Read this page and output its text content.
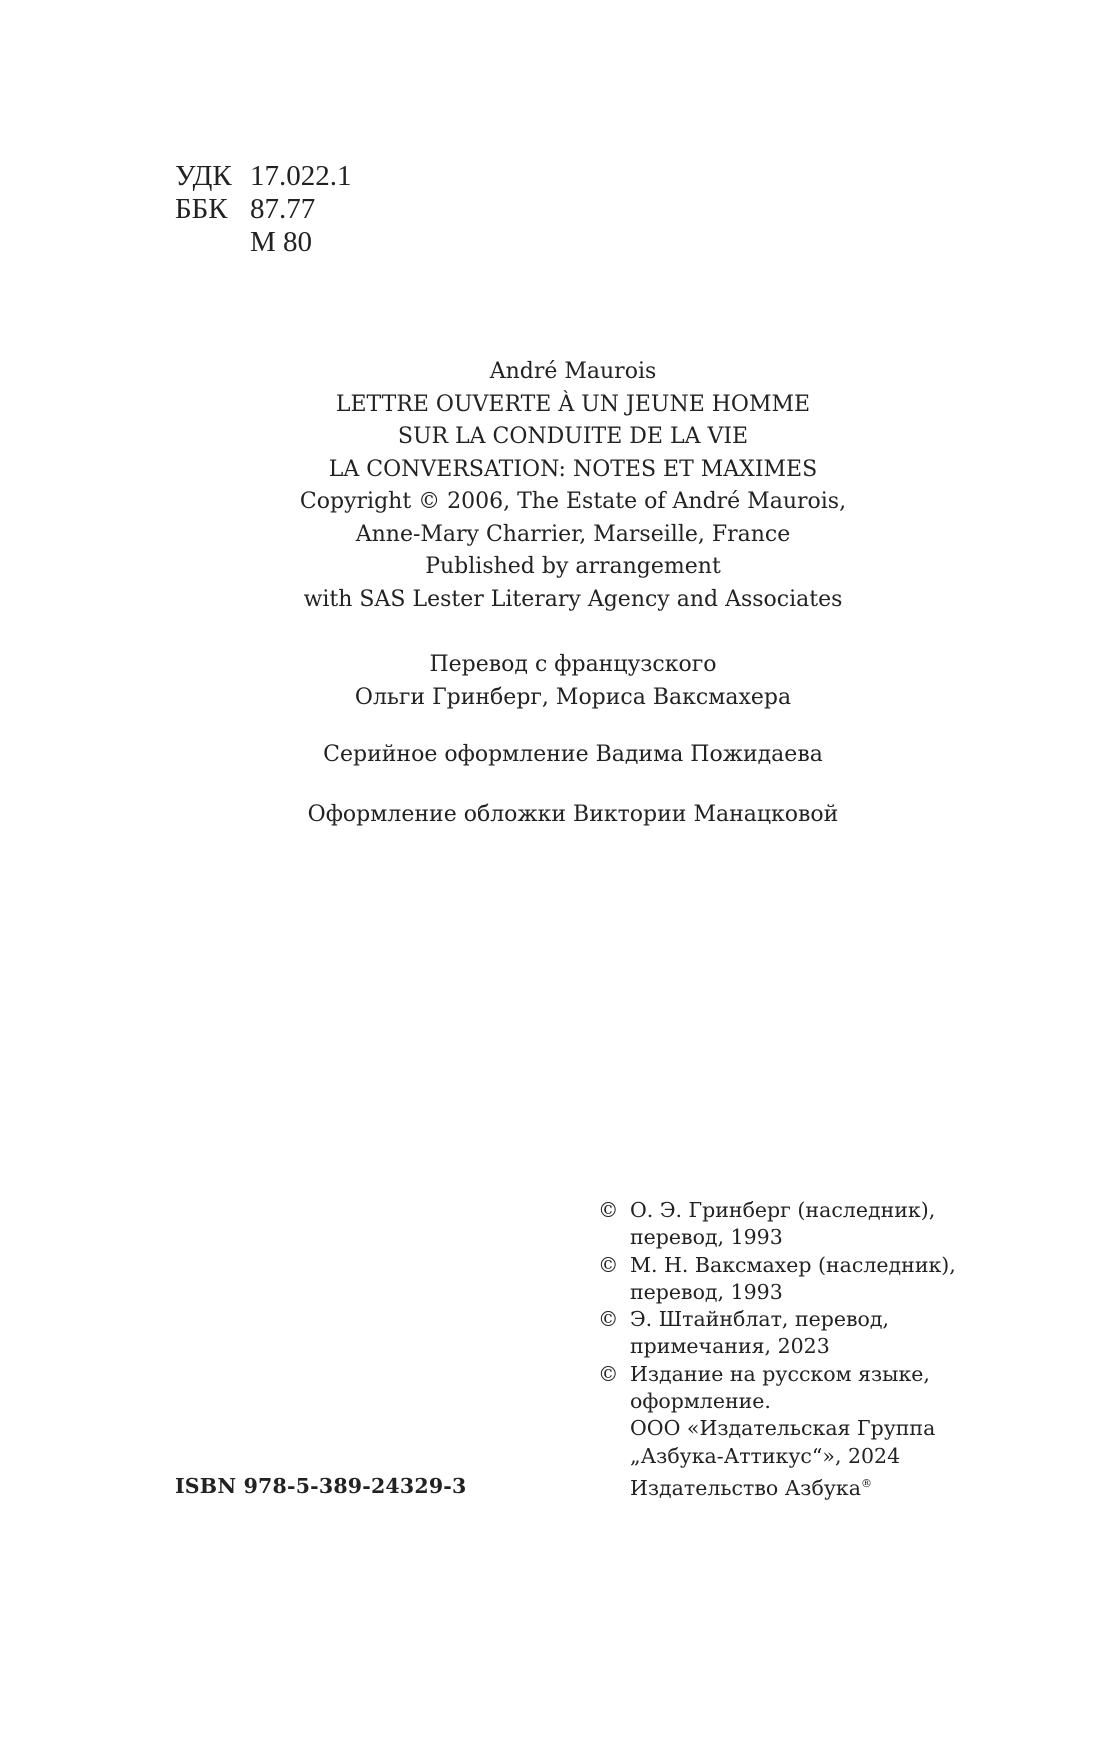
УДК 17.022.1
ББК 87.77
М 80
André Maurois
LETTRE OUVERTE À UN JEUNE HOMME
SUR LA CONDUITE DE LA VIE
LA CONVERSATION: NOTES ET MAXIMES
Copyright © 2006, The Estate of André Maurois,
Anne-Mary Charrier, Marseille, France
Published by arrangement
with SAS Lester Literary Agency and Associates
Перевод с французского
Ольги Гринберг, Мориса Ваксмахера
Серийное оформление Вадима Пожидаева
Оформление обложки Виктории Манацковой
© О. Э. Гринберг (наследник),
перевод, 1993
© М. Н. Ваксмахер (наследник),
перевод, 1993
© Э. Штайнблат, перевод,
примечания, 2023
© Издание на русском языке,
оформление.
ООО «Издательская Группа
„Азбука-Аттикус“», 2024
Издательство Азбука®
ISBN 978-5-389-24329-3
